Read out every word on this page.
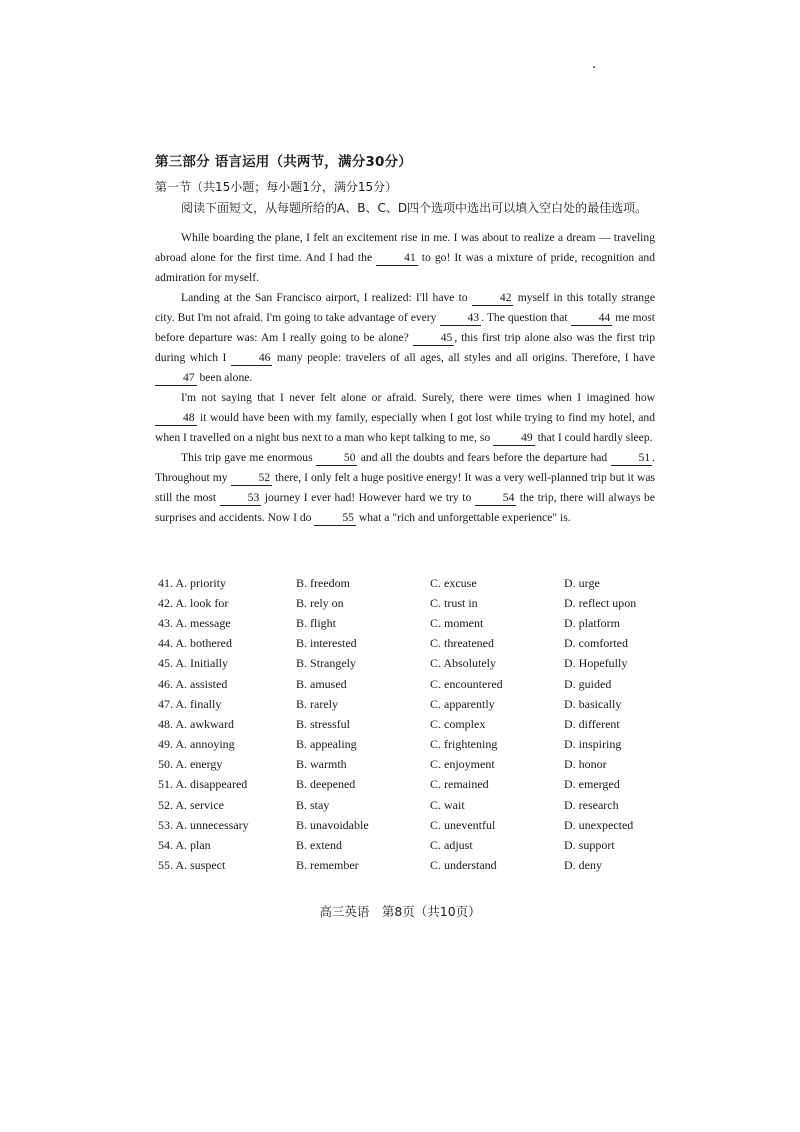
第三部分 语言运用（共两节，满分30分）
第一节（共15小题；每小题1分，满分15分）
阅读下面短文，从每题所给的A、B、C、D四个选项中选出可以填入空白处的最佳选项。

While boarding the plane, I felt an excitement rise in me. I was about to realize a dream — traveling abroad alone for the first time. And I had the 41 to go! It was a mixture of pride, recognition and admiration for myself.

Landing at the San Francisco airport, I realized: I'll have to 42 myself in this totally strange city. But I'm not afraid. I'm going to take advantage of every 43 . The question that 44 me most before departure was: Am I really going to be alone? 45 , this first trip alone also was the first trip during which I 46 many people: travelers of all ages, all styles and all origins. Therefore, I have 47 been alone.

I'm not saying that I never felt alone or afraid. Surely, there were times when I imagined how 48 it would have been with my family, especially when I got lost while trying to find my hotel, and when I travelled on a night bus next to a man who kept talking to me, so 49 that I could hardly sleep.

This trip gave me enormous 50 and all the doubts and fears before the departure had 51 . Throughout my 52 there, I only felt a huge positive energy! It was a very well-planned trip but it was still the most 53 journey I ever had! However hard we try to 54 the trip, there will always be surprises and accidents. Now I do 55 what a "rich and unforgettable experience" is.

41. A. priority	B. freedom	C. excuse	D. urge
42. A. look for	B. rely on	C. trust in	D. reflect upon
43. A. message	B. flight	C. moment	D. platform
44. A. bothered	B. interested	C. threatened	D. comforted
45. A. Initially	B. Strangely	C. Absolutely	D. Hopefully
46. A. assisted	B. amused	C. encountered	D. guided
47. A. finally	B. rarely	C. apparently	D. basically
48. A. awkward	B. stressful	C. complex	D. different
49. A. annoying	B. appealing	C. frightening	D. inspiring
50. A. energy	B. warmth	C. enjoyment	D. honor
51. A. disappeared	B. deepened	C. remained	D. emerged
52. A. service	B. stay	C. wait	D. research
53. A. unnecessary	B. unavoidable	C. uneventful	D. unexpected
54. A. plan	B. extend	C. adjust	D. support
55. A. suspect	B. remember	C. understand	D. deny
高三英语　第8页（共10页）
